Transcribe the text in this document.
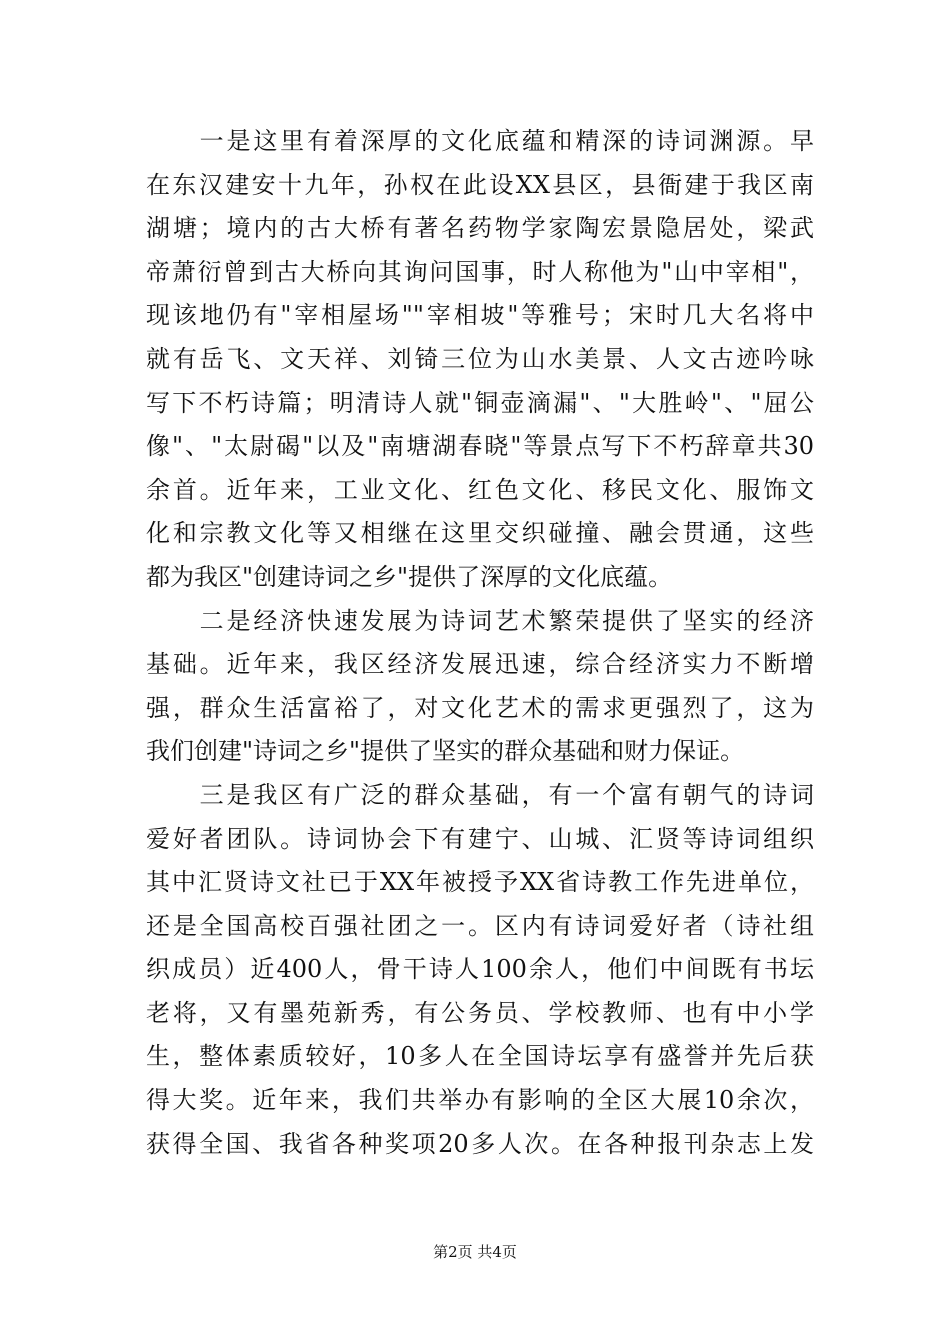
　　一是这里有着深厚的文化底蕴和精深的诗词渊源。早
在东汉建安十九年，孙权在此设XX县区，县衙建于我区南
湖塘；境内的古大桥有著名药物学家陶宏景隐居处，梁武
帝萧衍曾到古大桥向其询问国事，时人称他为"山中宰相"，
现该地仍有"宰相屋场""宰相坡"等雅号；宋时几大名将中
就有岳飞、文天祥、刘锜三位为山水美景、人文古迹吟咏
写下不朽诗篇；明清诗人就"铜壶滴漏"、"大胜岭"、"屈公
像"、"太尉碣"以及"南塘湖春晓"等景点写下不朽辞章共30
余首。近年来，工业文化、红色文化、移民文化、服饰文
化和宗教文化等又相继在这里交织碰撞、融会贯通，这些
都为我区"创建诗词之乡"提供了深厚的文化底蕴。
　　二是经济快速发展为诗词艺术繁荣提供了坚实的经济
基础。近年来，我区经济发展迅速，综合经济实力不断增
强，群众生活富裕了，对文化艺术的需求更强烈了，这为
我们创建"诗词之乡"提供了坚实的群众基础和财力保证。
　　三是我区有广泛的群众基础，有一个富有朝气的诗词
爱好者团队。诗词协会下有建宁、山城、汇贤等诗词组织
其中汇贤诗文社已于XX年被授予XX省诗教工作先进单位，
还是全国高校百强社团之一。区内有诗词爱好者（诗社组
织成员）近400人，骨干诗人100余人，他们中间既有书坛
老将，又有墨苑新秀，有公务员、学校教师、也有中小学
生，整体素质较好，10多人在全国诗坛享有盛誉并先后获
得大奖。近年来，我们共举办有影响的全区大展10余次，
获得全国、我省各种奖项20多人次。在各种报刊杂志上发
第2页 共4页
